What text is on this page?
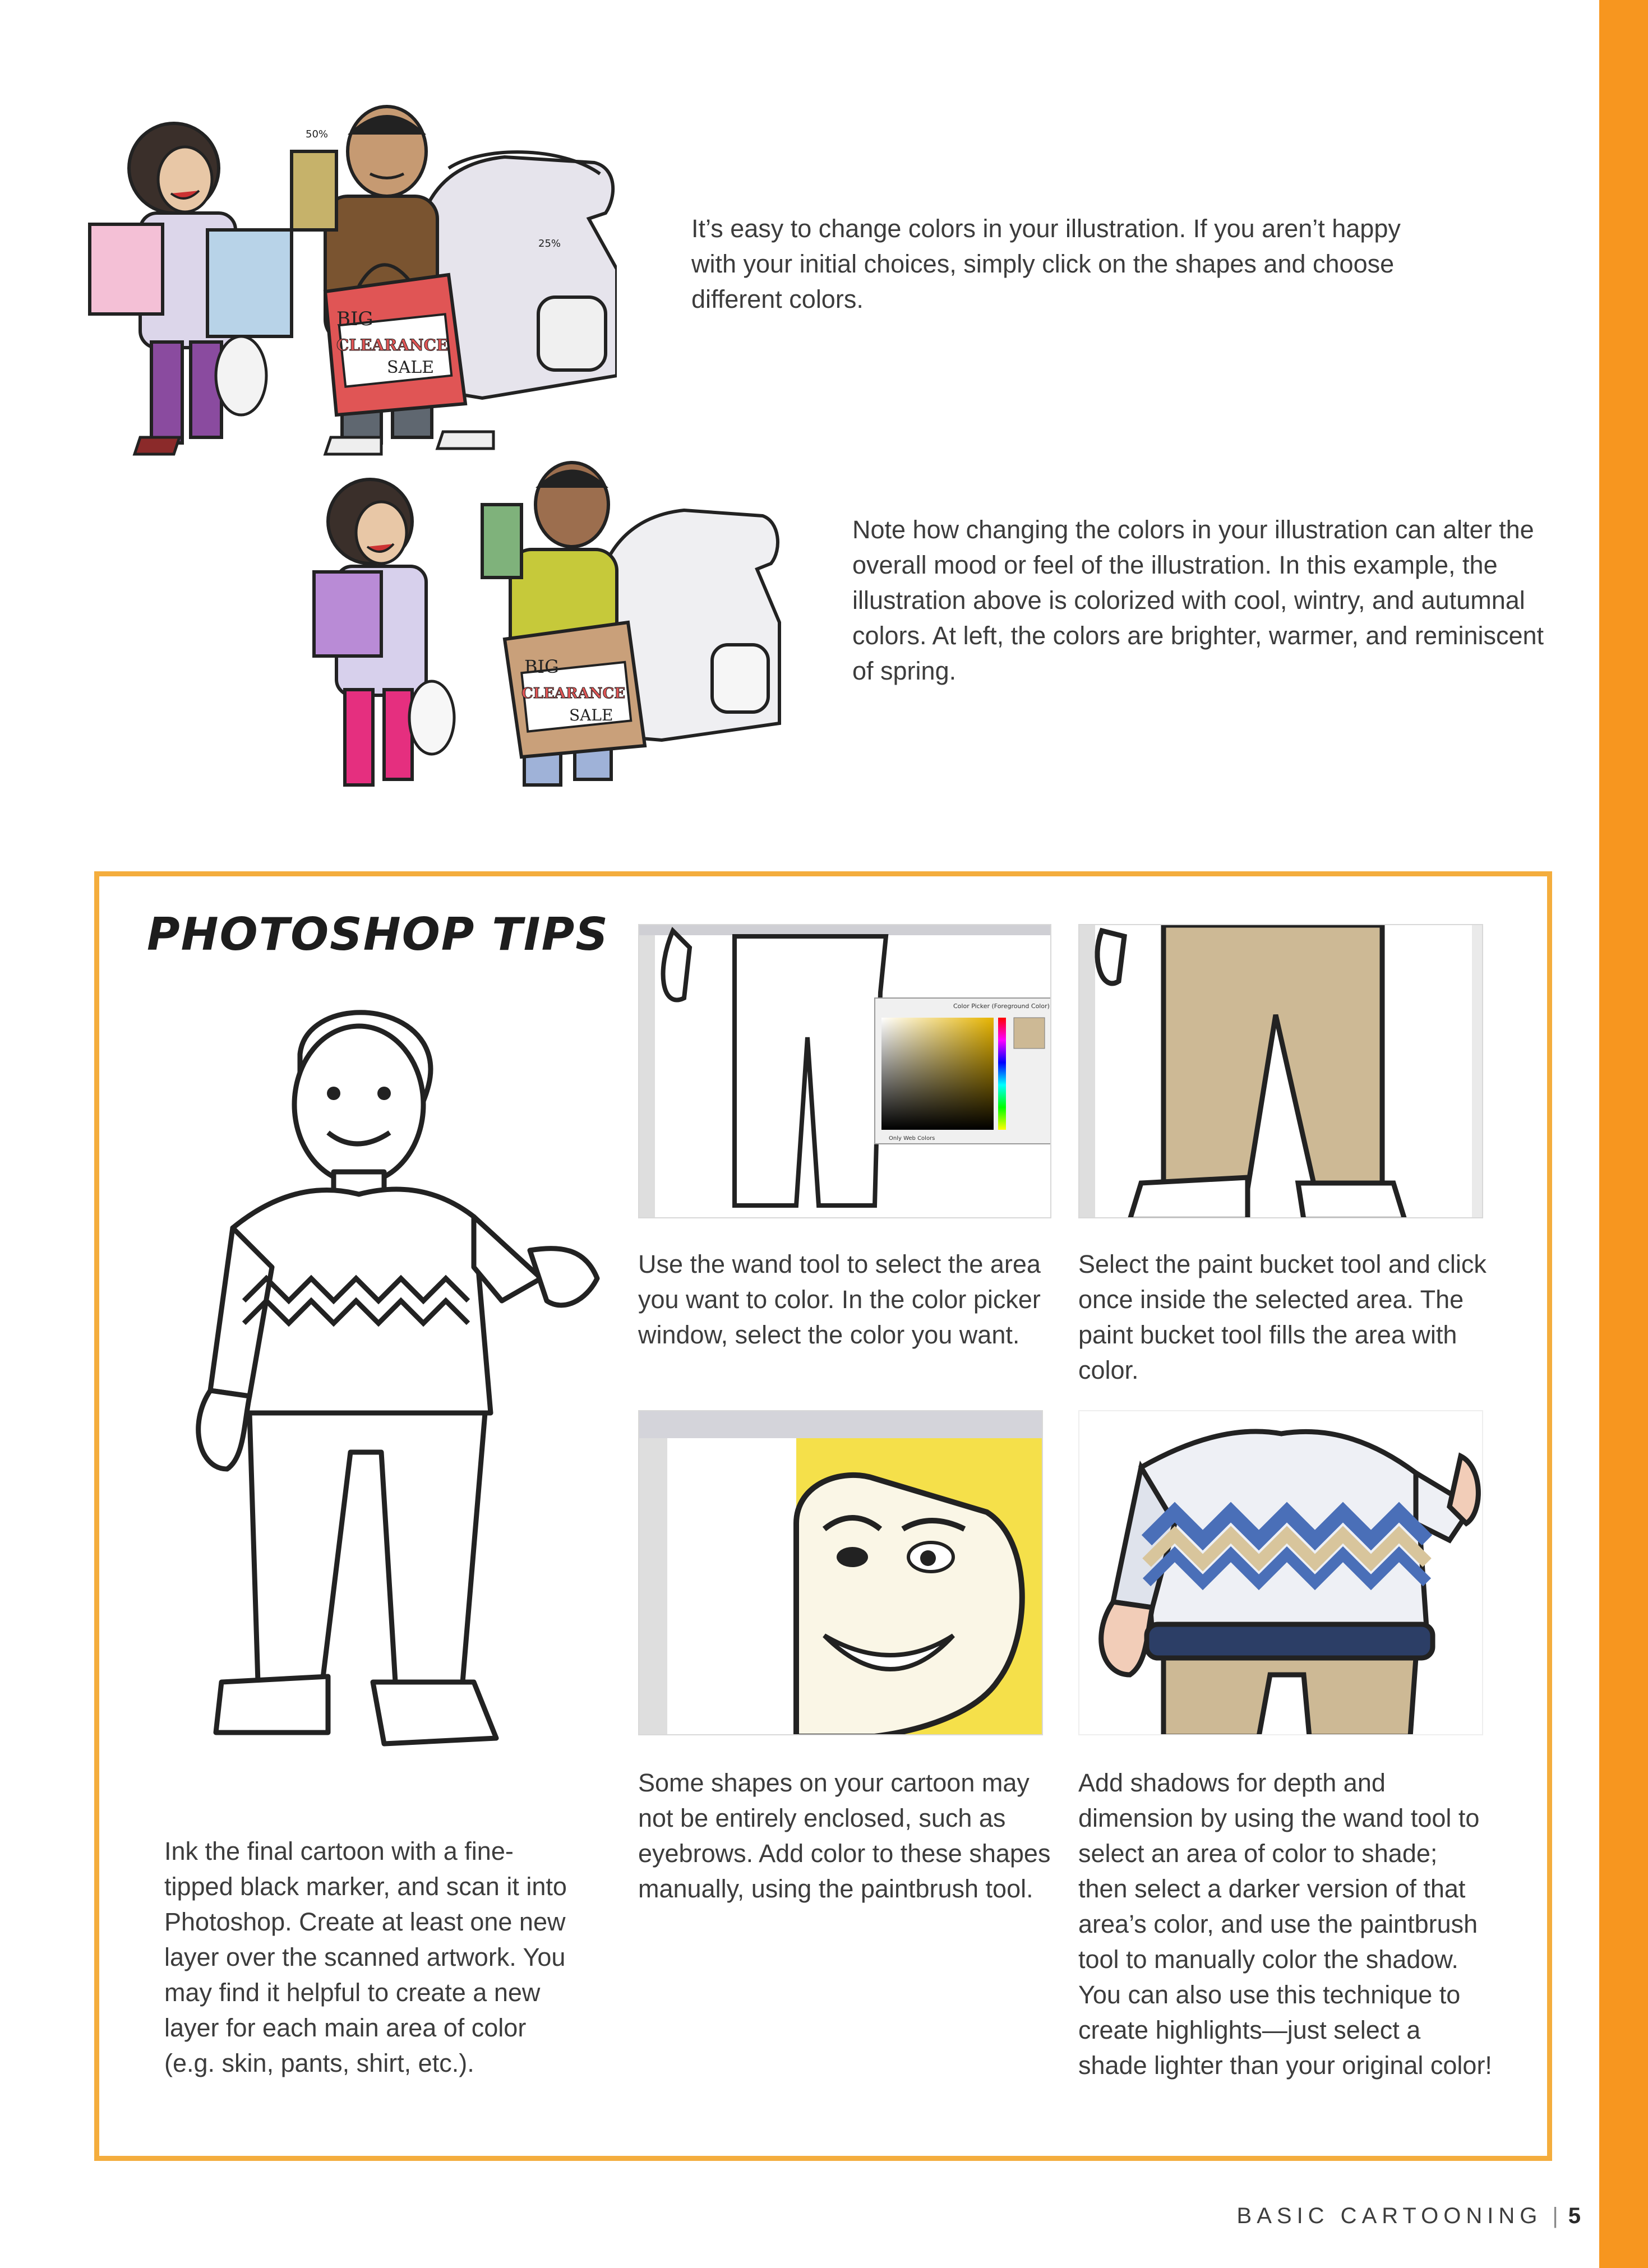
BIG
CLEARANCE
SALE
50%
25%
It’s easy to change colors in your illustration. If you aren’t happy with your initial choices, simply click on the shapes and choose different colors.
BIG
CLEARANCE
SALE
Note how changing the colors in your illustration can alter the overall mood or feel of the illustration. In this example, the illustration above is colorized with cool, wintry, and autumnal colors. At left, the colors are brighter, warmer, and reminiscent of spring.
PHOTOSHOP TIPS
Ink the final cartoon with a fine-tipped black marker, and scan it into Photoshop. Create at least one new layer over the scanned artwork. You may find it helpful to create a new layer for each main area of color (e.g. skin, pants, shirt, etc.).
Color Picker (Foreground Color)
Only Web Colors
Use the wand tool to select the area you want to color. In the color picker window, select the color you want.
Select the paint bucket tool and click once inside the selected area. The paint bucket tool fills the area with color.
Some shapes on your cartoon may not be entirely enclosed, such as eyebrows. Add color to these shapes manually, using the paintbrush tool.
Add shadows for depth and dimension by using the wand tool to select an area of color to shade; then select a darker version of that area’s color, and use the paintbrush tool to manually color the shadow. You can also use this technique to create highlights—just select a shade lighter than your original color!
BASIC CARTOONING | 5
